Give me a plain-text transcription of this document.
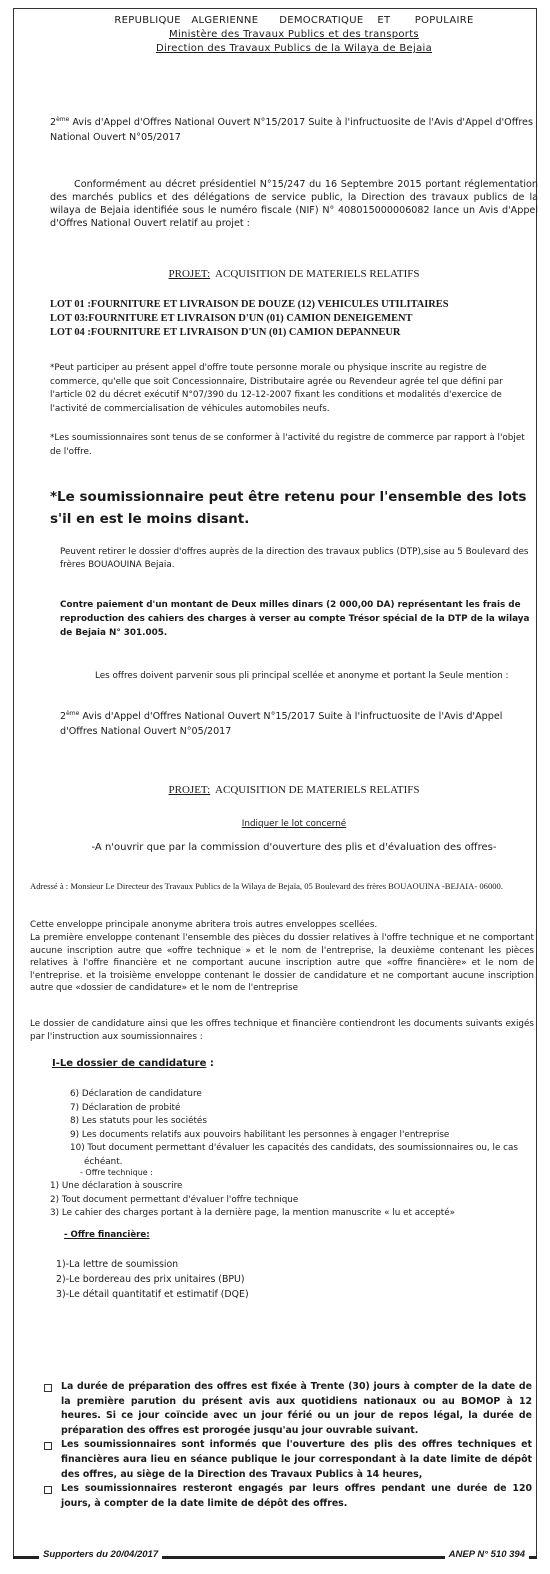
REPUBLIQUE   ALGERIENNE      DEMOCRATIQUE    ET       POPULAIRE
Ministère des Travaux Publics et des transports
Direction des Travaux Publics de la Wilaya de Bejaia
2ème Avis d'Appel d'Offres National Ouvert N°15/2017 Suite à l'infructuosite de l'Avis d'Appel d'Offres National Ouvert N°05/2017
Conformément au décret présidentiel N°15/247 du 16 Septembre 2015 portant réglementation des marchés publics et des délégations de service public, la Direction des travaux publics de la wilaya de Bejaia identifiée sous le numéro fiscale (NIF) N° 408015000006082 lance un Avis d'Appel d'Offres National Ouvert relatif au projet :
PROJET:  ACQUISITION DE MATERIELS RELATIFS
LOT 01 :FOURNITURE ET LIVRAISON DE DOUZE (12) VEHICULES UTILITAIRES
LOT 03:FOURNITURE ET LIVRAISON D'UN (01) CAMION DENEIGEMENT
LOT 04 :FOURNITURE ET LIVRAISON D'UN (01) CAMION DEPANNEUR
*Peut participer au présent appel d'offre toute personne morale ou physique inscrite au registre de commerce, qu'elle que soit Concessionnaire, Distributaire agrée ou Revendeur agrée tel que défini par l'article 02 du décret exécutif N°07/390 du 12-12-2007 fixant les conditions et modalités d'exercice de l'activité de commercialisation de véhicules automobiles neufs.
*Les soumissionnaires sont tenus de se conformer à l'activité du registre de commerce par rapport à l'objet de l'offre.
*Le soumissionnaire peut être retenu pour l'ensemble des lots s'il en est le moins disant.
Peuvent retirer le dossier d'offres auprès de la direction des travaux publics (DTP),sise au 5 Boulevard des frères BOUAOUINA Bejaia.
Contre paiement d'un montant de Deux milles dinars (2 000,00 DA) représentant les frais de reproduction des cahiers des charges à verser au compte Trésor spécial de la DTP de la wilaya de Bejaia N° 301.005.
Les offres doivent parvenir sous pli principal scellée et anonyme et portant la Seule mention :
2ème Avis d'Appel d'Offres National Ouvert N°15/2017 Suite à l'infructuosite de l'Avis d'Appel d'Offres National Ouvert N°05/2017
PROJET:  ACQUISITION DE MATERIELS RELATIFS
Indiquer le lot concerné
-A n'ouvrir que par la commission d'ouverture des plis et d'évaluation des offres-
Adressé à : Monsieur Le Directeur des Travaux Publics de la Wilaya de Bejaïa, 05 Boulevard des frères BOUAOUINA -BEJAIA- 06000.
Cette enveloppe principale anonyme abritera trois autres enveloppes scellées.
La première enveloppe contenant l'ensemble des pièces du dossier relatives à l'offre technique et ne comportant aucune inscription autre que «offre technique » et le nom de l'entreprise, la deuxième contenant les pièces relatives à l'offre financière et ne comportant aucune inscription autre que «offre financière» et le nom de l'entreprise. et la troisième enveloppe contenant le dossier de candidature et ne comportant aucune inscription autre que «dossier de candidature» et le nom de l'entreprise
Le dossier de candidature ainsi que les offres technique et financière contiendront les documents suivants exigés par l'instruction aux soumissionnaires :
I-Le dossier de candidature :
6) Déclaration de candidature
7) Déclaration de probité
8) Les statuts pour les sociétés
9) Les documents relatifs aux pouvoirs habilitant les personnes à engager l'entreprise
10) Tout document permettant d'évaluer les capacités des candidats, des soumissionnaires ou, le cas échéant.
- Offre technique :
1) Une déclaration à souscrire
2) Tout document permettant d'évaluer l'offre technique
3) Le cahier des charges portant à la dernière page, la mention manuscrite « lu et accepté»
- Offre financière:
1)-La lettre de soumission
2)-Le bordereau des prix unitaires (BPU)
3)-Le détail quantitatif et estimatif (DQE)
La durée de préparation des offres est fixée à Trente (30) jours à compter de la date de la première parution du présent avis aux quotidiens nationaux ou au BOMOP à 12 heures. Si ce jour coïncide avec un jour férié ou un jour de repos légal, la durée de préparation des offres est prorogée jusqu'au jour ouvrable suivant.
Les soumissionnaires sont informés que l'ouverture des plis des offres techniques et financières aura lieu en séance publique le jour correspondant à la date limite de dépôt des offres, au siège de la Direction des Travaux Publics à 14 heures,
Les soumissionnaires resteront engagés par leurs offres pendant une durée de 120 jours, à compter de la date limite de dépôt des offres.
Supporters du 20/04/2017	ANEP N° 510 394
